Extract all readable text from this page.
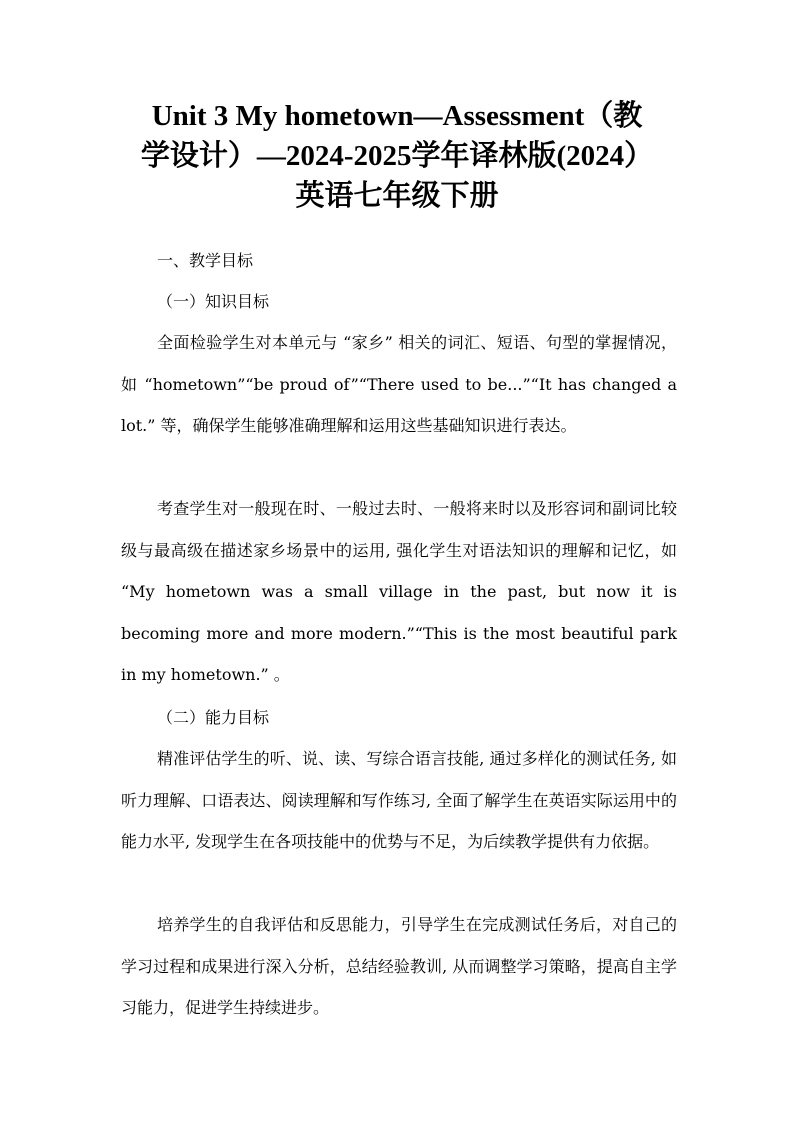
Unit 3 My hometown—Assessment（教
学设计）—2024-2025学年译林版(2024）
英语七年级下册

一、教学目标

（一）知识目标

全面检验学生对本单元与 “家乡” 相关的词汇、短语、句型的掌握情况， 如 “hometown”“be proud of”“There used to be...”“It has changed a lot.” 等，确保学生能够准确理解和运用这些基础知识进行表达。

考查学生对一般现在时、一般过去时、一般将来时以及形容词和副词比较级与最高级在描述家乡场景中的运用, 强化学生对语法知识的理解和记忆，如 “My hometown was a small village in the past, but now it is becoming more and more modern.”“This is the most beautiful park in my hometown.” 。

（二）能力目标

精准评估学生的听、说、读、写综合语言技能, 通过多样化的测试任务, 如听力理解、口语表达、阅读理解和写作练习, 全面了解学生在英语实际运用中的能力水平, 发现学生在各项技能中的优势与不足，为后续教学提供有力依据。

培养学生的自我评估和反思能力，引导学生在完成测试任务后，对自己的学习过程和成果进行深入分析，总结经验教训, 从而调整学习策略，提高自主学习能力，促进学生持续进步。
